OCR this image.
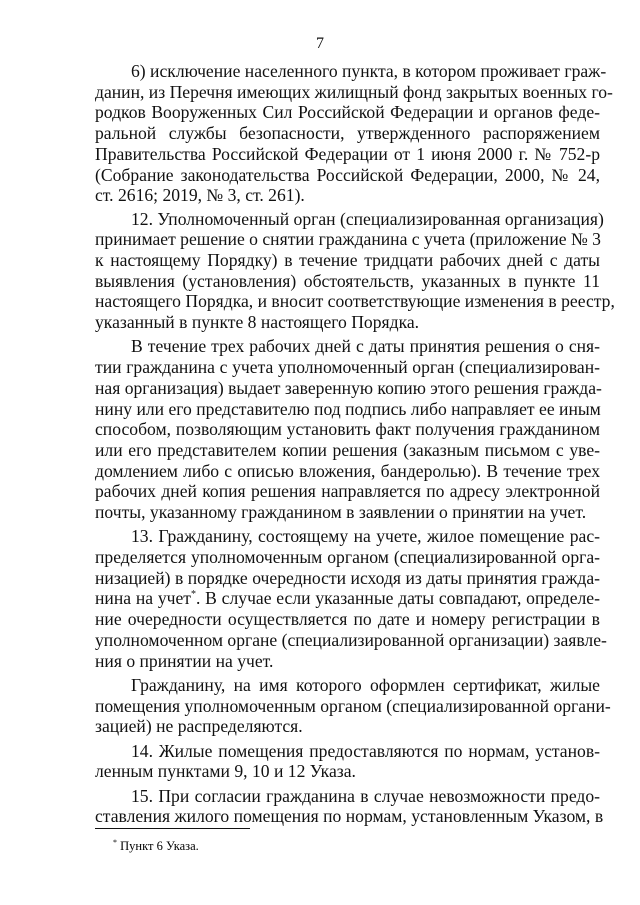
7
6) исключение населенного пункта, в котором проживает граж-
данин, из Перечня имеющих жилищный фонд закрытых военных го-
родков Вооруженных Сил Российской Федерации и органов феде-
ральной службы безопасности, утвержденного распоряжением
Правительства Российской Федерации от 1 июня 2000 г. № 752-р
(Собрание законодательства Российской Федерации, 2000, № 24,
ст. 2616; 2019, № 3, ст. 261).
12. Уполномоченный орган (специализированная организация)
принимает решение о снятии гражданина с учета (приложение № 3
к настоящему Порядку) в течение тридцати рабочих дней с даты
выявления (установления) обстоятельств, указанных в пункте 11
настоящего Порядка, и вносит соответствующие изменения в реестр,
указанный в пункте 8 настоящего Порядка.
В течение трех рабочих дней с даты принятия решения о сня-
тии гражданина с учета уполномоченный орган (специализирован-
ная организация) выдает заверенную копию этого решения гражда-
нину или его представителю под подпись либо направляет ее иным
способом, позволяющим установить факт получения гражданином
или его представителем копии решения (заказным письмом с уве-
домлением либо с описью вложения, бандеролью). В течение трех
рабочих дней копия решения направляется по адресу электронной
почты, указанному гражданином в заявлении о принятии на учет.
13. Гражданину, состоящему на учете, жилое помещение рас-
пределяется уполномоченным органом (специализированной орга-
низацией) в порядке очередности исходя из даты принятия гражда-
нина на учет*. В случае если указанные даты совпадают, определе-
ние очередности осуществляется по дате и номеру регистрации в
уполномоченном органе (специализированной организации) заявле-
ния о принятии на учет.
Гражданину, на имя которого оформлен сертификат, жилые
помещения уполномоченным органом (специализированной органи-
зацией) не распределяются.
14. Жилые помещения предоставляются по нормам, установ-
ленным пунктами 9, 10 и 12 Указа.
15. При согласии гражданина в случае невозможности предо-
ставления жилого помещения по нормам, установленным Указом, в
* Пункт 6 Указа.
